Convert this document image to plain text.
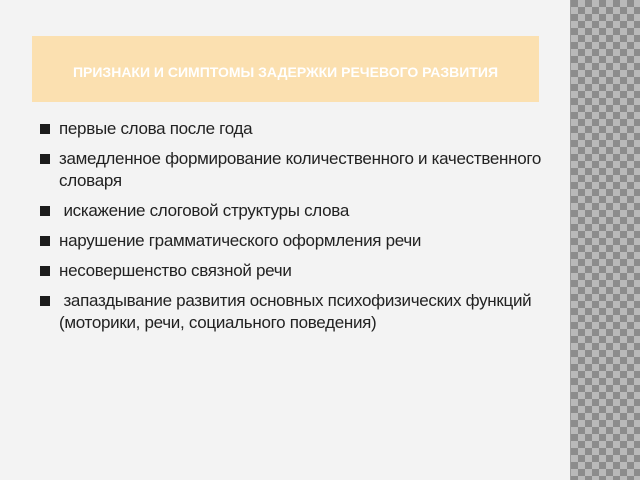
ПРИЗНАКИ И СИМПТОМЫ ЗАДЕРЖКИ РЕЧЕВОГО РАЗВИТИЯ
первые слова после года
замедленное формирование количественного и качественного словаря
искажение слоговой структуры слова
нарушение грамматического оформления речи
несовершенство связной речи
запаздывание развития основных психофизических функций (моторики, речи, социального поведения)
